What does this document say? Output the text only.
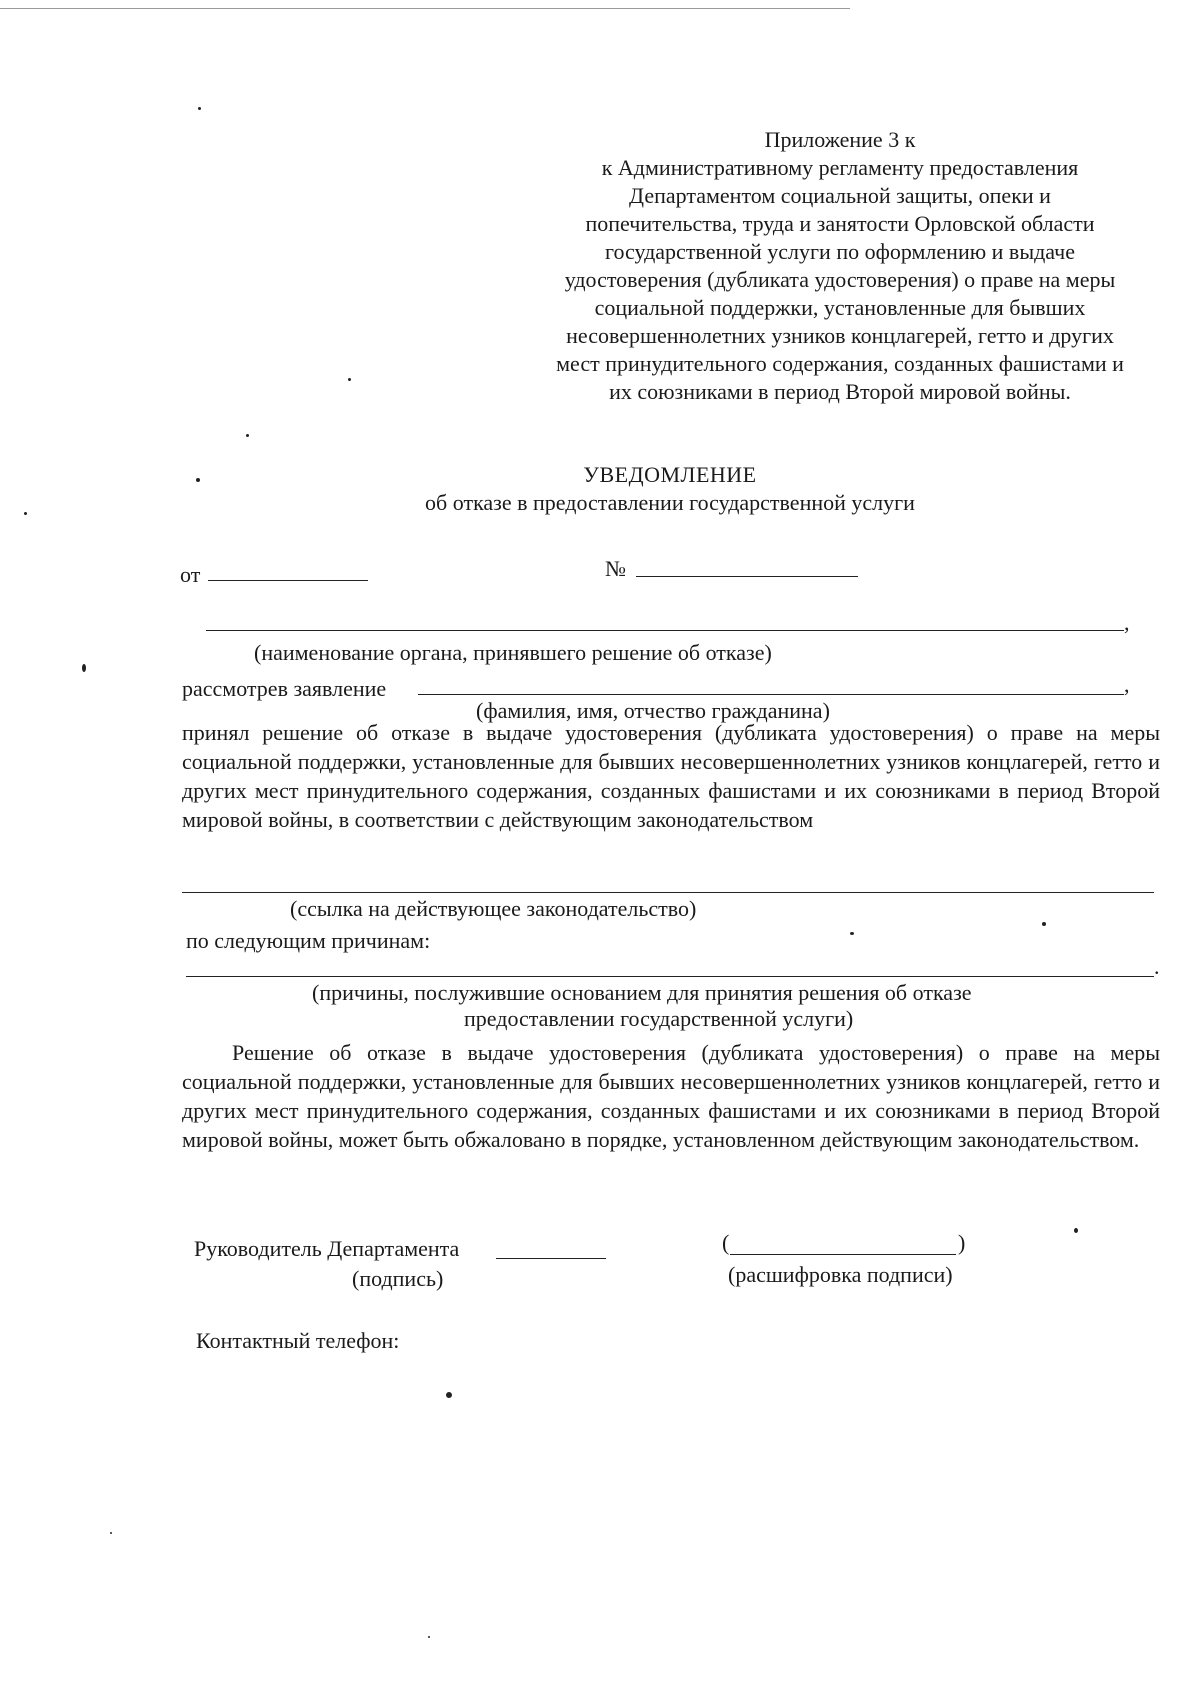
Приложение 3 к
к Административному регламенту предоставления
Департаментом социальной защиты, опеки и
попечительства, труда и занятости Орловской области
государственной услуги по оформлению и выдаче
удостоверения (дубликата удостоверения) о праве на меры
социальной поддержки, установленные для бывших
несовершеннолетних узников концлагерей, гетто и других
мест принудительного содержания, созданных фашистами и
их союзниками в период Второй мировой войны.
УВЕДОМЛЕНИЕ
об отказе в предоставлении государственной услуги
от	№
,
(наименование органа, принявшего решение об отказе)
рассмотрев заявление	,
(фамилия, имя, отчество гражданина)
принял решение об отказе в выдаче удостоверения (дубликата удостоверения) о праве на меры социальной поддержки, установленные для бывших несовершеннолетних узников концлагерей, гетто и других мест принудительного содержания, созданных фашистами и их союзниками в период Второй мировой войны, в соответствии с действующим законодательством
(ссылка на действующее законодательство)
по следующим причинам:
.
(причины, послужившие основанием для принятия решения об отказе
предоставлении государственной услуги)
Решение об отказе в выдаче удостоверения (дубликата удостоверения) о праве на меры социальной поддержки, установленные для бывших несовершеннолетних узников концлагерей, гетто и других мест принудительного содержания, созданных фашистами и их союзниками в период Второй мировой войны, может быть обжаловано в порядке, установленном действующим законодательством.
Руководитель Департамента
(подпись)
(	)
(расшифровка подписи)
Контактный телефон:
